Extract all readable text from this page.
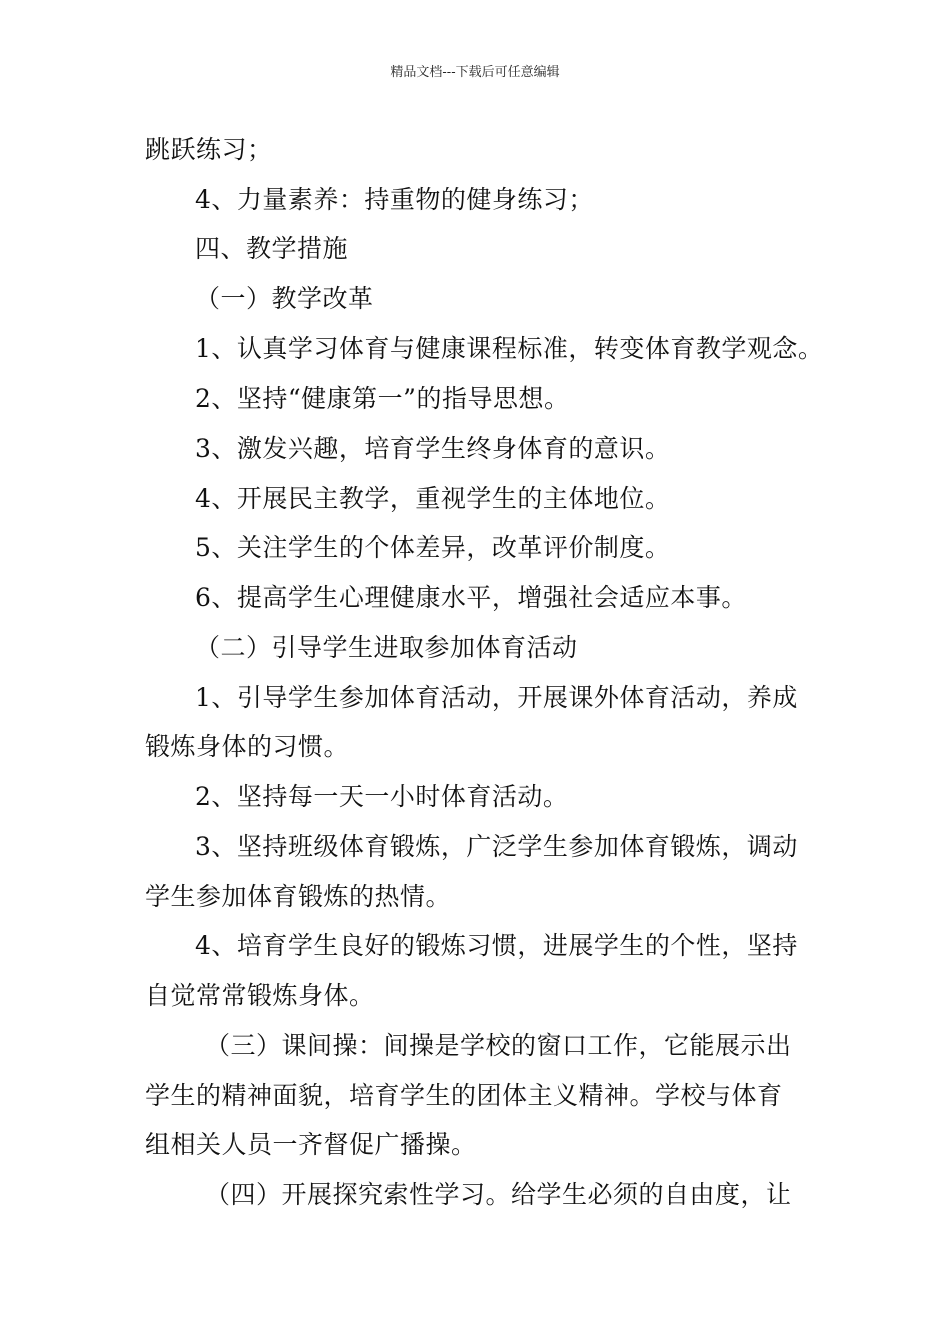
精品文档---下载后可任意编辑
跳跃练习；
4、力量素养：持重物的健身练习；
四、教学措施
（一）教学改革
1、认真学习体育与健康课程标准，转变体育教学观念。
2、坚持“健康第一”的指导思想。
3、激发兴趣，培育学生终身体育的意识。
4、开展民主教学，重视学生的主体地位。
5、关注学生的个体差异，改革评价制度。
6、提高学生心理健康水平，增强社会适应本事。
（二）引导学生进取参加体育活动
1、引导学生参加体育活动，开展课外体育活动，养成
锻炼身体的习惯。
2、坚持每一天一小时体育活动。
3、坚持班级体育锻炼，广泛学生参加体育锻炼，调动
学生参加体育锻炼的热情。
4、培育学生良好的锻炼习惯，进展学生的个性，坚持
自觉常常锻炼身体。
（三）课间操：间操是学校的窗口工作，它能展示出
学生的精神面貌，培育学生的团体主义精神。学校与体育
组相关人员一齐督促广播操。
（四）开展探究索性学习。给学生必须的自由度，让
